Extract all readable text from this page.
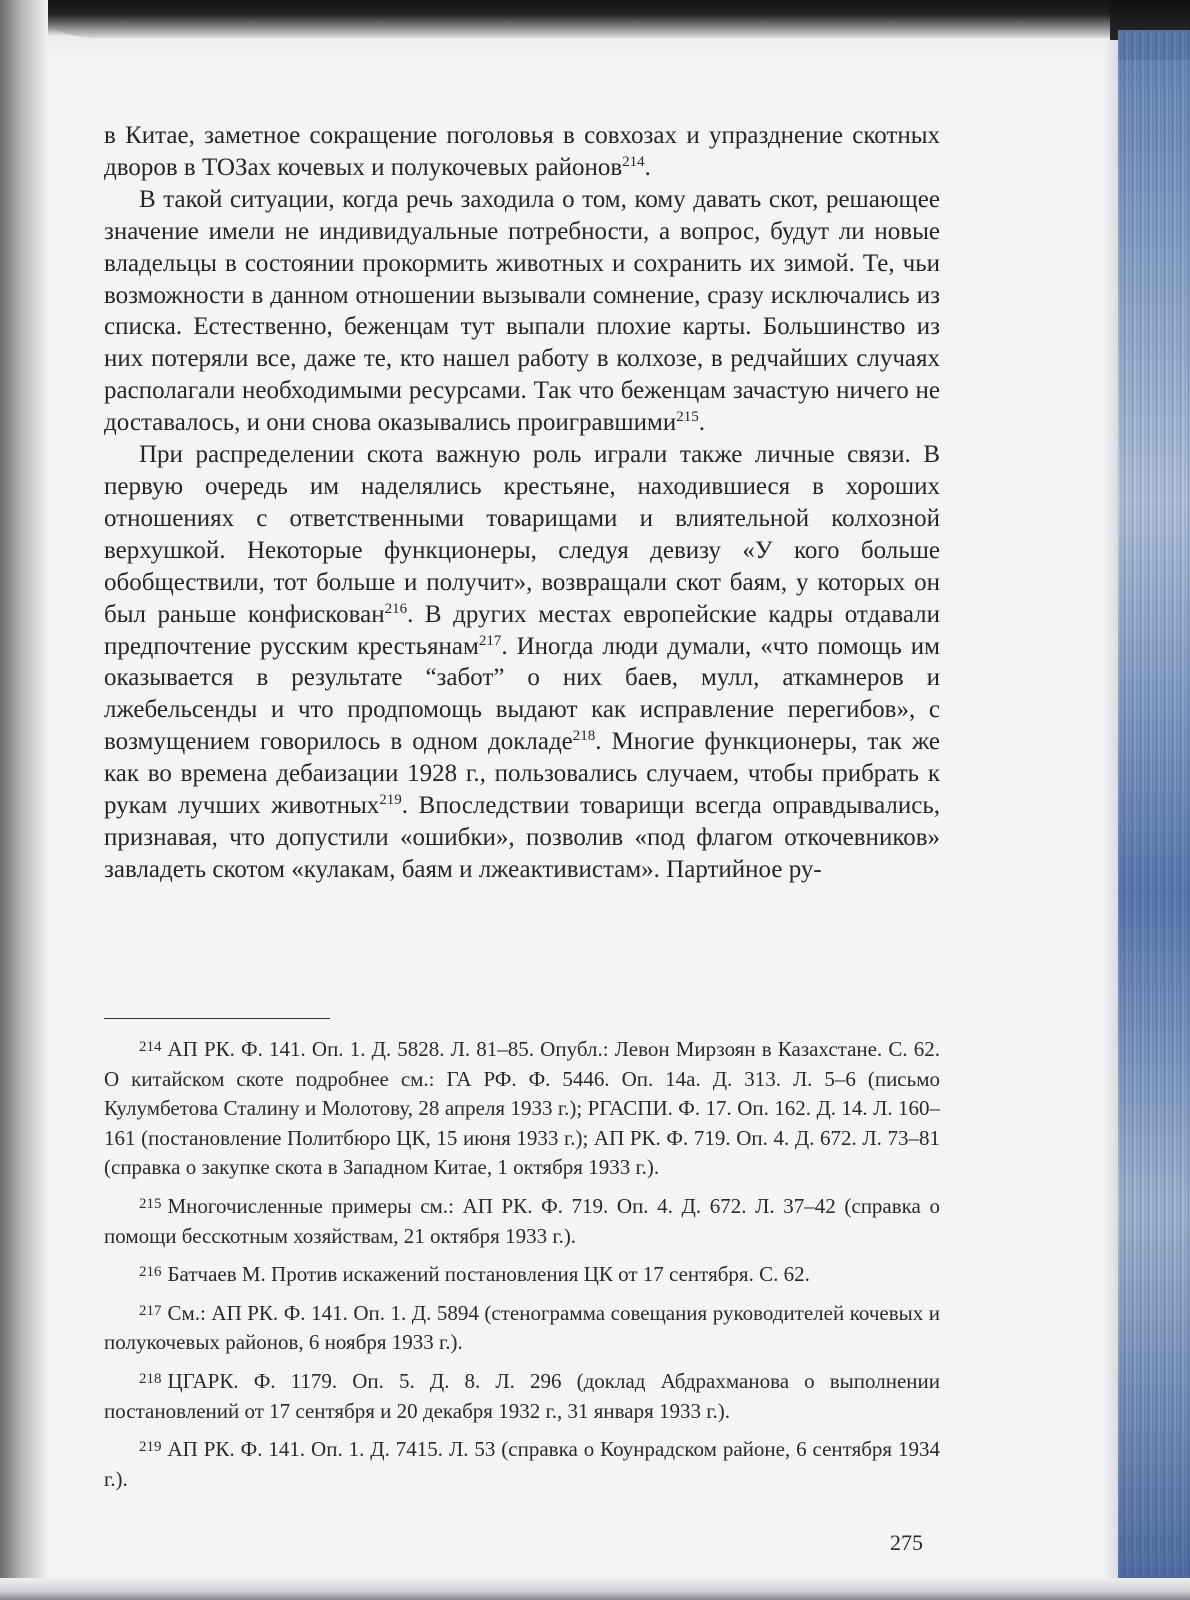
в Китае, заметное сокращение поголовья в совхозах и упразднение скотных дворов в ТОЗах кочевых и полукочевых районов$^{214}$.

В такой ситуации, когда речь заходила о том, кому давать скот, решающее значение имели не индивидуальные потребности, а вопрос, будут ли новые владельцы в состоянии прокормить животных и сохранить их зимой. Те, чьи возможности в данном отношении вызывали сомнение, сразу исключались из списка. Естественно, беженцам тут выпали плохие карты. Большинство из них потеряли все, даже те, кто нашел работу в колхозе, в редчайших случаях располагали необходимыми ресурсами. Так что беженцам зачастую ничего не доставалось, и они снова оказывались проигравшими$^{215}$.

При распределении скота важную роль играли также личные связи. В первую очередь им наделялись крестьяне, находившиеся в хороших отношениях с ответственными товарищами и влиятельной колхозной верхушкой. Некоторые функционеры, следуя девизу «У кого больше обобществили, тот больше и получит», возвращали скот баям, у которых он был раньше конфискован$^{216}$. В других местах европейские кадры отдавали предпочтение русским крестьянам$^{217}$. Иногда люди думали, «что помощь им оказывается в результате “забот” о них баев, мулл, аткамнеров и лжебельсенды и что продпомощь выдают как исправление перегибов», с возмущением говорилось в одном докладе$^{218}$. Многие функционеры, так же как во времена дебаизации 1928 г., пользовались случаем, чтобы прибрать к рукам лучших животных$^{219}$. Впоследствии товарищи всегда оправдывались, признавая, что допустили «ошибки», позволив «под флагом откочевников» завладеть скотом «кулакам, баям и лжеактивистам». Партийное ру-

$^{214}$ АП РК. Ф. 141. Оп. 1. Д. 5828. Л. 81–85. Опубл.: Левон Мирзоян в Казахстане. С. 62. О китайском скоте подробнее см.: ГА РФ. Ф. 5446. Оп. 14а. Д. 313. Л. 5–6 (письмо Кулумбетова Сталину и Молотову, 28 апреля 1933 г.); РГАСПИ. Ф. 17. Оп. 162. Д. 14. Л. 160–161 (постановление Политбюро ЦК, 15 июня 1933 г.); АП РК. Ф. 719. Оп. 4. Д. 672. Л. 73–81 (справка о закупке скота в Западном Китае, 1 октября 1933 г.).

$^{215}$ Многочисленные примеры см.: АП РК. Ф. 719. Оп. 4. Д. 672. Л. 37–42 (справка о помощи бесскотным хозяйствам, 21 октября 1933 г.).

$^{216}$ Батчаев М. Против искажений постановления ЦК от 17 сентября. С. 62.

$^{217}$ См.: АП РК. Ф. 141. Оп. 1. Д. 5894 (стенограмма совещания руководителей кочевых и полукочевых районов, 6 ноября 1933 г.).

$^{218}$ ЦГАРК. Ф. 1179. Оп. 5. Д. 8. Л. 296 (доклад Абдрахманова о выполнении постановлений от 17 сентября и 20 декабря 1932 г., 31 января 1933 г.).

$^{219}$ АП РК. Ф. 141. Оп. 1. Д. 7415. Л. 53 (справка о Коунрадском районе, 6 сентября 1934 г.).

275
